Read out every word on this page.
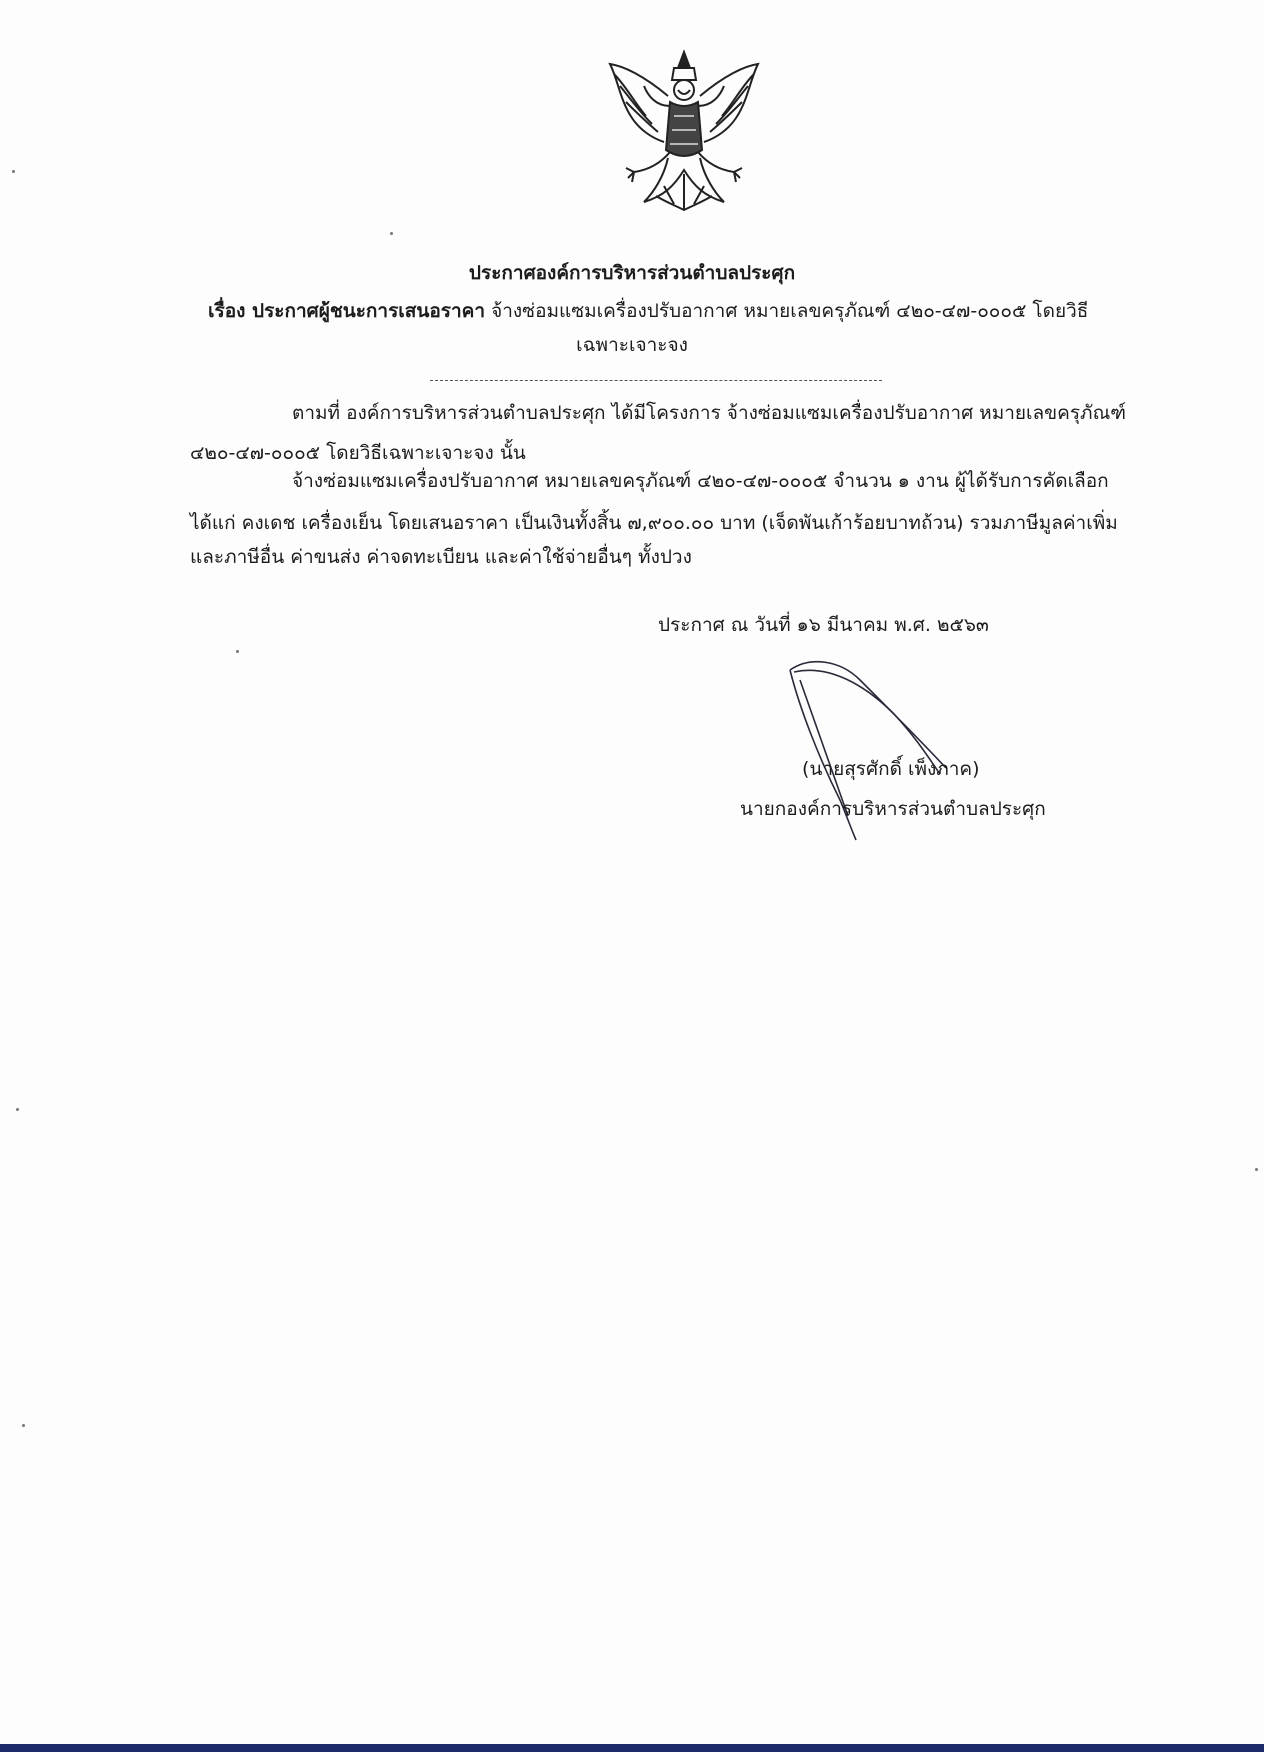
ประกาศองค์การบริหารส่วนตำบลประศุก
เรื่อง ประกาศผู้ชนะการเสนอราคา จ้างซ่อมแซมเครื่องปรับอากาศ หมายเลขครุภัณฑ์ ๔๒๐-๔๗-๐๐๐๕ โดยวิธี
เฉพาะเจาะจง
ตามที่ องค์การบริหารส่วนตำบลประศุก ได้มีโครงการ จ้างซ่อมแซมเครื่องปรับอากาศ หมายเลขครุภัณฑ์
๔๒๐-๔๗-๐๐๐๕ โดยวิธีเฉพาะเจาะจง นั้น
จ้างซ่อมแซมเครื่องปรับอากาศ หมายเลขครุภัณฑ์ ๔๒๐-๔๗-๐๐๐๕ จำนวน ๑ งาน ผู้ได้รับการคัดเลือก
ได้แก่ คงเดช เครื่องเย็น โดยเสนอราคา เป็นเงินทั้งสิ้น ๗,๙๐๐.๐๐ บาท (เจ็ดพันเก้าร้อยบาทถ้วน) รวมภาษีมูลค่าเพิ่ม
และภาษีอื่น ค่าขนส่ง ค่าจดทะเบียน และค่าใช้จ่ายอื่นๆ ทั้งปวง
ประกาศ ณ วันที่ ๑๖ มีนาคม พ.ศ. ๒๕๖๓
(นายสุรศักดิ์ เพ็งภาค)
นายกองค์การบริหารส่วนตำบลประศุก
